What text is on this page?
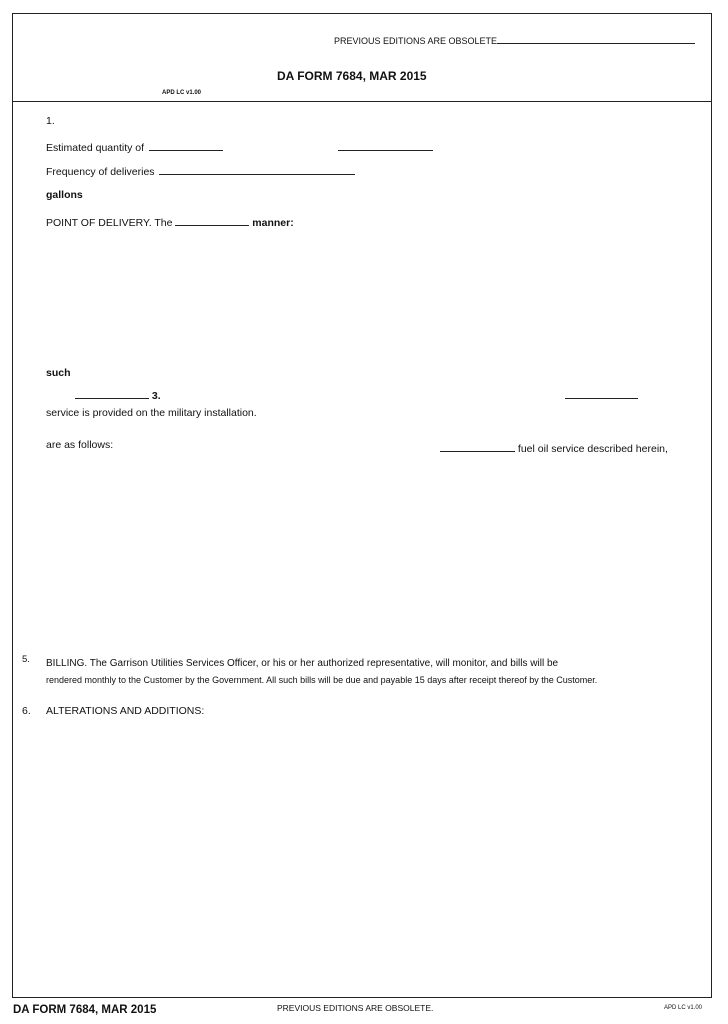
PREVIOUS EDITIONS ARE OBSOLETE
DA FORM 7684, MAR 2015
APD LC v1.00
1.
Estimated quantity of
Frequency of deliveries
gallons
POINT OF DELIVERY. The	manner:
such
3.
service is provided on the military installation.
are as follows:	fuel oil service described herein,
5. BILLING. The Garrison Utilities Services Officer, or his or her authorized representative, will monitor, and bills will be
rendered monthly to the Customer by the Government. All such bills will be due and payable 15 days after receipt thereof by the Customer.
6. ALTERATIONS AND ADDITIONS:
DA FORM 7684, MAR 2015	PREVIOUS EDITIONS ARE OBSOLETE.	APD LC v1.00
